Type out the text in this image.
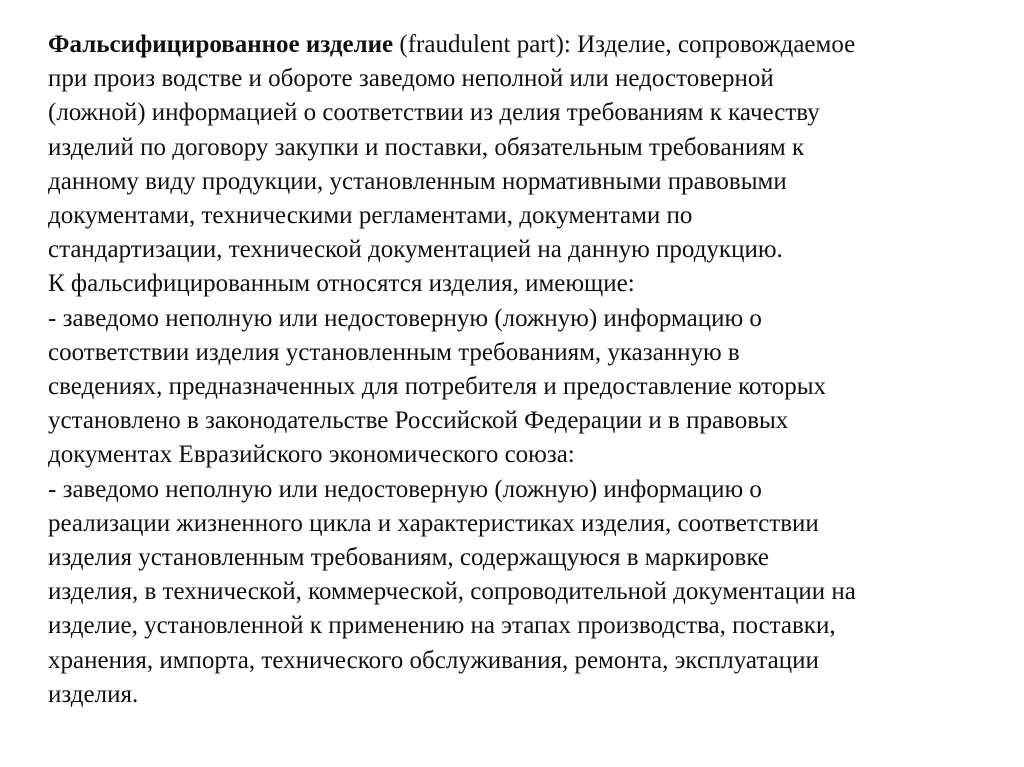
Фальсифицированное изделие (fraudulent part): Изделие, сопровождаемое
при произ водстве и обороте заведомо неполной или недостоверной
(ложной) информацией о соответствии из делия требованиям к качеству
изделий по договору закупки и поставки, обязательным требованиям к
данному виду продукции, установленным нормативными правовыми
документами, техническими регламентами, документами по
стандартизации, технической документацией на данную продукцию.
К фальсифицированным относятся изделия, имеющие:
- заведомо неполную или недостоверную (ложную) информацию о
соответствии изделия установленным требованиям, указанную в
сведениях, предназначенных для потребителя и предоставление которых
установлено в законодательстве Российской Федерации и в правовых
документах Евразийского экономического союза:
- заведомо неполную или недостоверную (ложную) информацию о
реализации жизненного цикла и характеристиках изделия, соответствии
изделия установленным требованиям, содержащуюся в маркировке
изделия, в технической, коммерческой, сопроводительной документации на
изделие, установленной к применению на этапах производства, поставки,
хранения, импорта, технического обслуживания, ремонта, эксплуатации
изделия.
